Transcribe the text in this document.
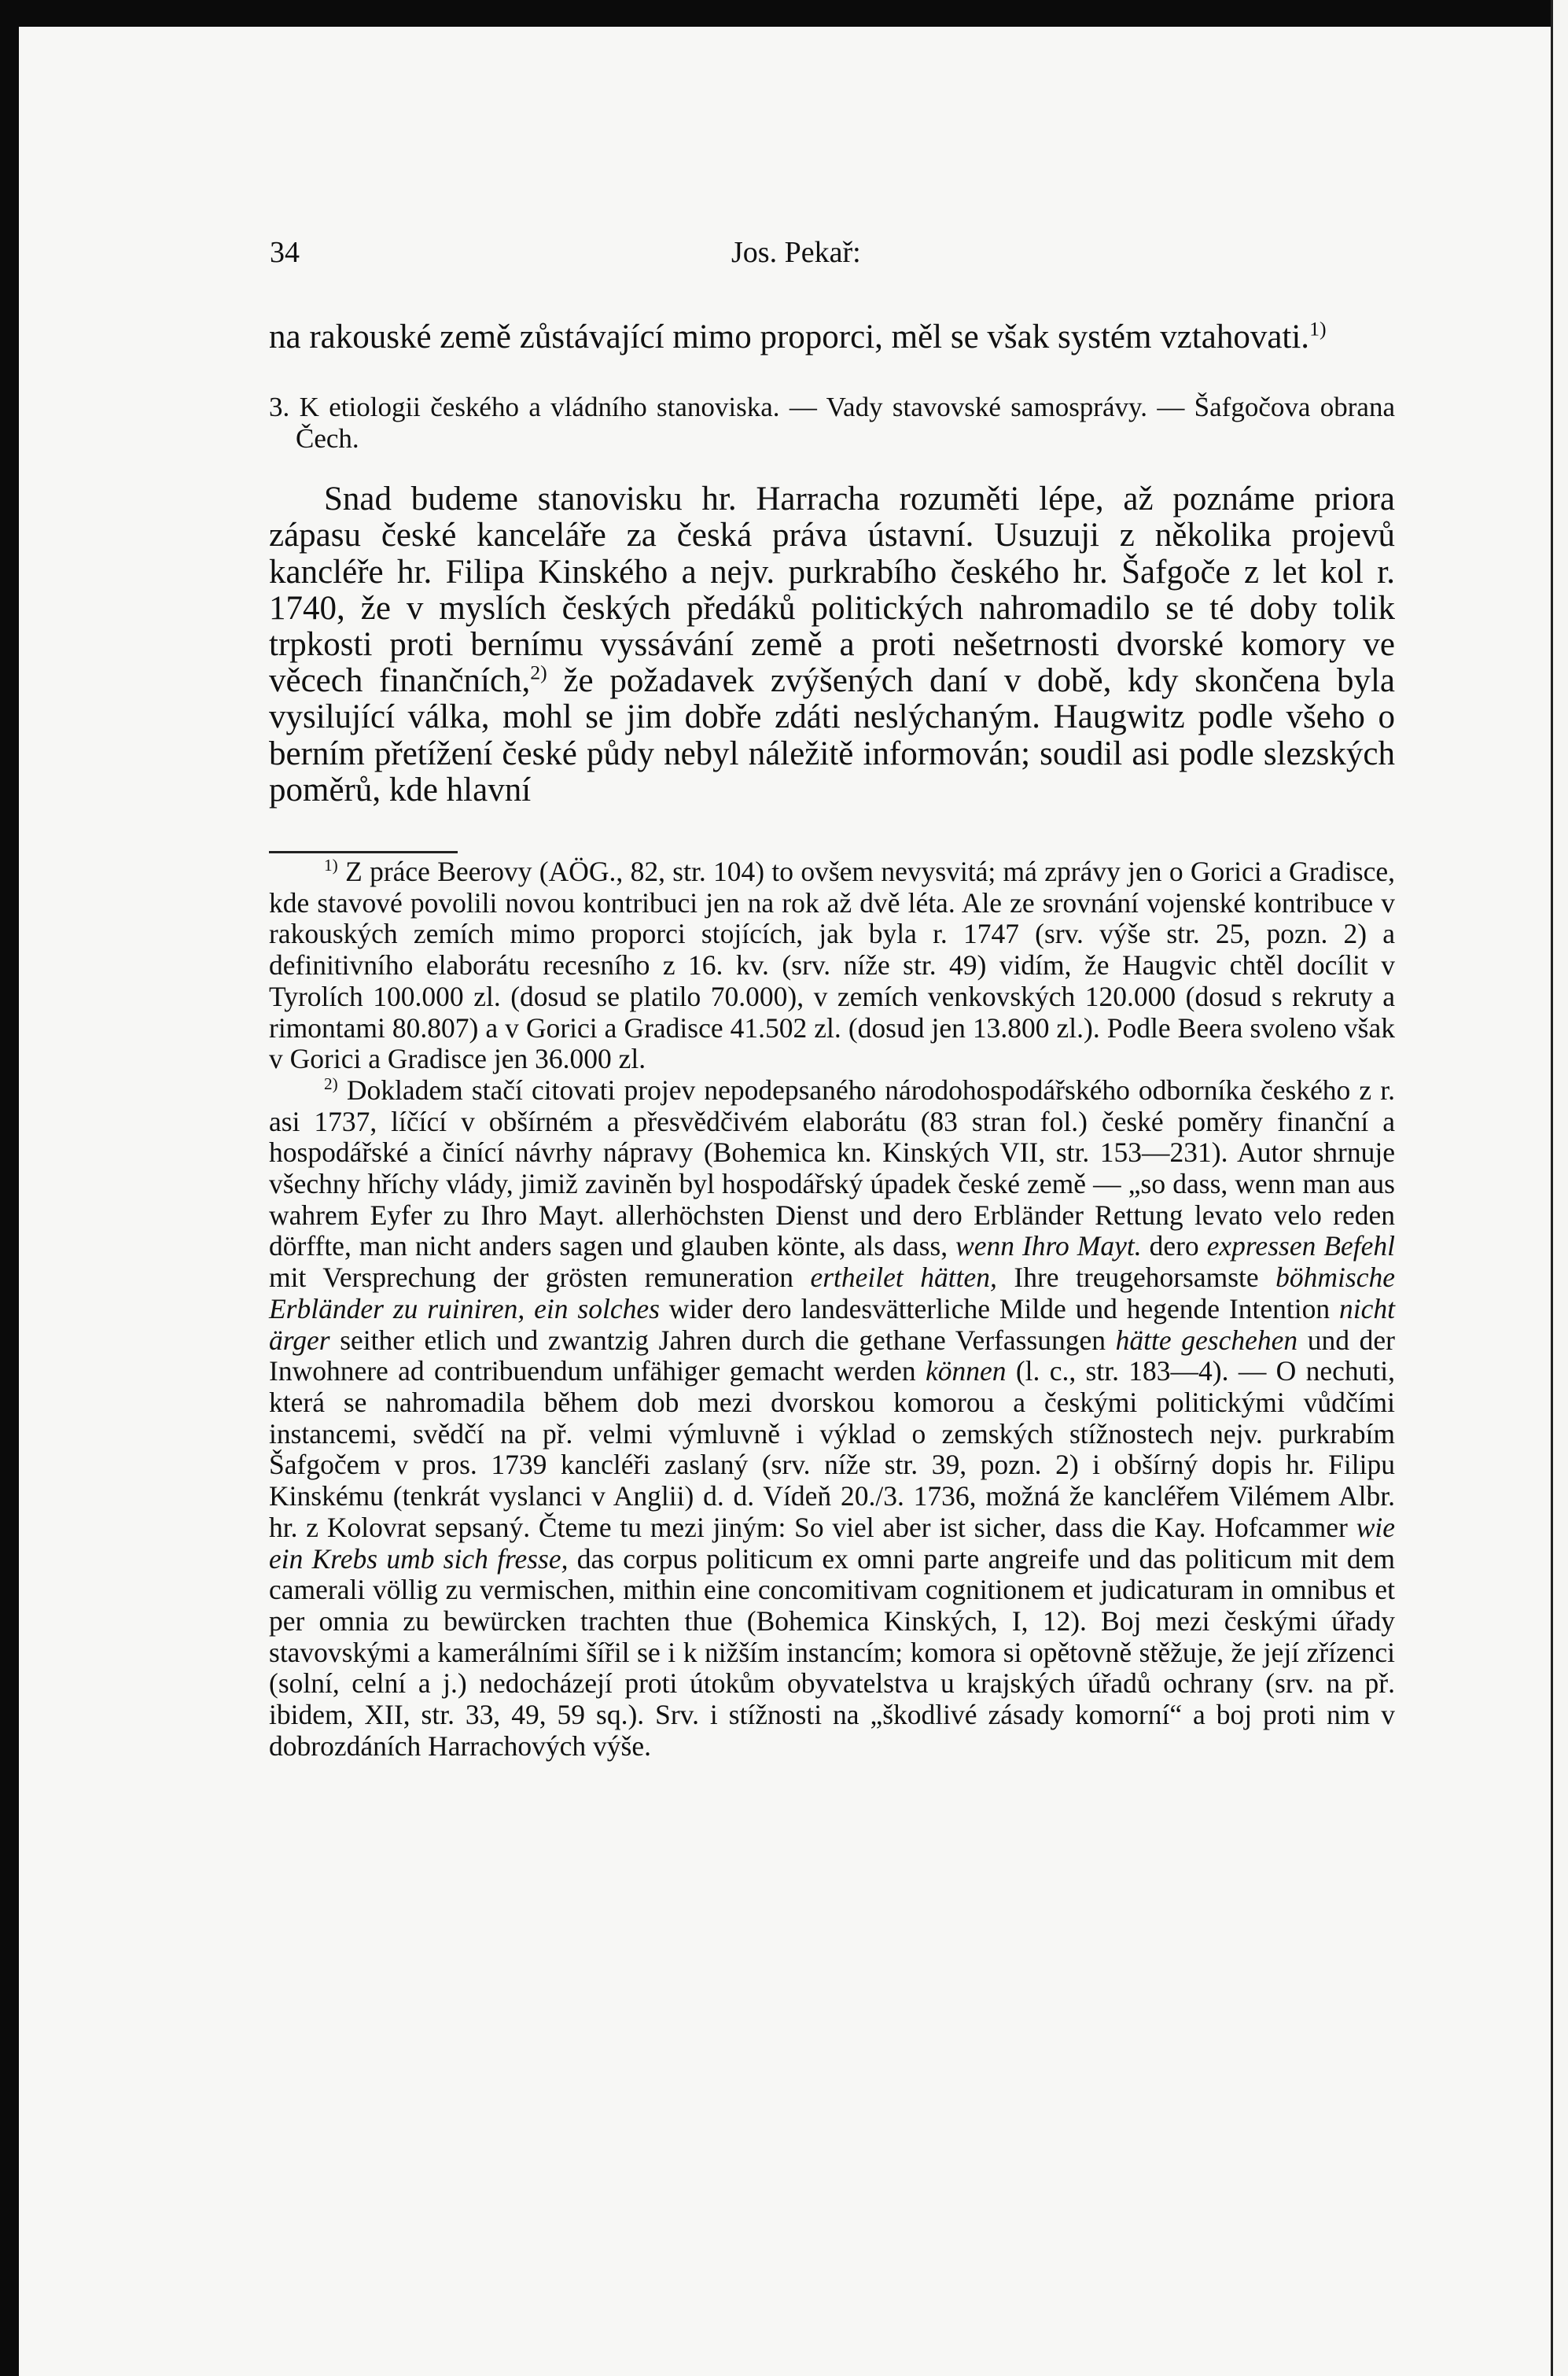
34	Jos. Pekař:

na rakouské země zůstávající mimo proporci, měl se však systém vztahovati.$^{1)}$

3. K etiologii českého a vládního stanoviska. — Vady stavovské samosprávy. — Šafgočova obrana Čech.

Snad budeme stanovisku hr. Harracha rozuměti lépe, až poznáme priora zápasu české kanceláře za česká práva ústavní. Usuzuji z několika projevů kancléře hr. Filipa Kinského a nejv. purkrabího českého hr. Šafgoče z let kol r. 1740, že v myslích českých předáků politických nahromadilo se té doby tolik trpkosti proti bernímu vyssávání země a proti nešetrnosti dvorské komory ve věcech finančních,$^{2)}$ že požadavek zvýšených daní v době, kdy skončena byla vysilující válka, mohl se jim dobře zdáti neslýchaným. Haugwitz podle všeho o berním přetížení české půdy nebyl náležitě informován; soudil asi podle slezských poměrů, kde hlavní

$^{1)}$ Z práce Beerovy (AÖG., 82, str. 104) to ovšem nevysvitá; má zprávy jen o Gorici a Gradisce, kde stavové povolili novou kontribuci jen na rok až dvě léta. Ale ze srovnání vojenské kontribuce v rakouských zemích mimo proporci stojících, jak byla r. 1747 (srv. výše str. 25, pozn. 2) a definitivního elaborátu recesního z 16. kv. (srv. níže str. 49) vidím, že Haugvic chtěl docílit v Tyrolích 100.000 zl. (dosud se platilo 70.000), v zemích venkovských 120.000 (dosud s rekruty a rimontami 80.807) a v Gorici a Gradisce 41.502 zl. (dosud jen 13.800 zl.). Podle Beera svoleno však v Gorici a Gradisce jen 36.000 zl.

$^{2)}$ Dokladem stačí citovati projev nepodepsaného národohospodářského odborníka českého z r. asi 1737, líčící v obšírném a přesvědčivém elaborátu (83 stran fol.) české poměry finanční a hospodářské a činící návrhy nápravy (Bohemica kn. Kinských VII, str. 153—231). Autor shrnuje všechny hříchy vlády, jimiž zaviněn byl hospodářský úpadek české země — „so dass, wenn man aus wahrem Eyfer zu Ihro Mayt. allerhöchsten Dienst und dero Erbländer Rettung levato velo reden dörffte, man nicht anders sagen und glauben könte, als dass, wenn Ihro Mayt. dero expressen Befehl mit Versprechung der grösten remuneration ertheilet hätten, Ihre treugehorsamste böhmische Erbländer zu ruiniren, ein solches wider dero landesvätterliche Milde und hegende Intention nicht ärger seither etlich und zwantzig Jahren durch die gethane Verfassungen hätte geschehen und der Inwohnere ad contribuendum unfähiger gemacht werden können (l. c., str. 183—4). — O nechuti, která se nahromadila během dob mezi dvorskou komorou a českými politickými vůdčími instancemi, svědčí na př. velmi výmluvně i výklad o zemských stížnostech nejv. purkrabím Šafgočem v pros. 1739 kancléři zaslaný (srv. níže str. 39, pozn. 2) i obšírný dopis hr. Filipu Kinskému (tenkrát vyslanci v Anglii) d. d. Vídeň 20./3. 1736, možná že kancléřem Vilémem Albr. hr. z Kolovrat sepsaný. Čteme tu mezi jiným: So viel aber ist sicher, dass die Kay. Hofcammer wie ein Krebs umb sich fresse, das corpus politicum ex omni parte angreife und das politicum mit dem camerali völlig zu vermischen, mithin eine concomitivam cognitionem et judicaturam in omnibus et per omnia zu bewürcken trachten thue (Bohemica Kinských, I, 12). Boj mezi českými úřady stavovskými a kamerálními šířil se i k nižším instancím; komora si opětovně stěžuje, že její zřízenci (solní, celní a j.) nedocházejí proti útokům obyvatelstva u krajských úřadů ochrany (srv. na př. ibidem, XII, str. 33, 49, 59 sq.). Srv. i stížnosti na „škodlivé zásady komorní“ a boj proti nim v dobrozdáních Harrachových výše.
